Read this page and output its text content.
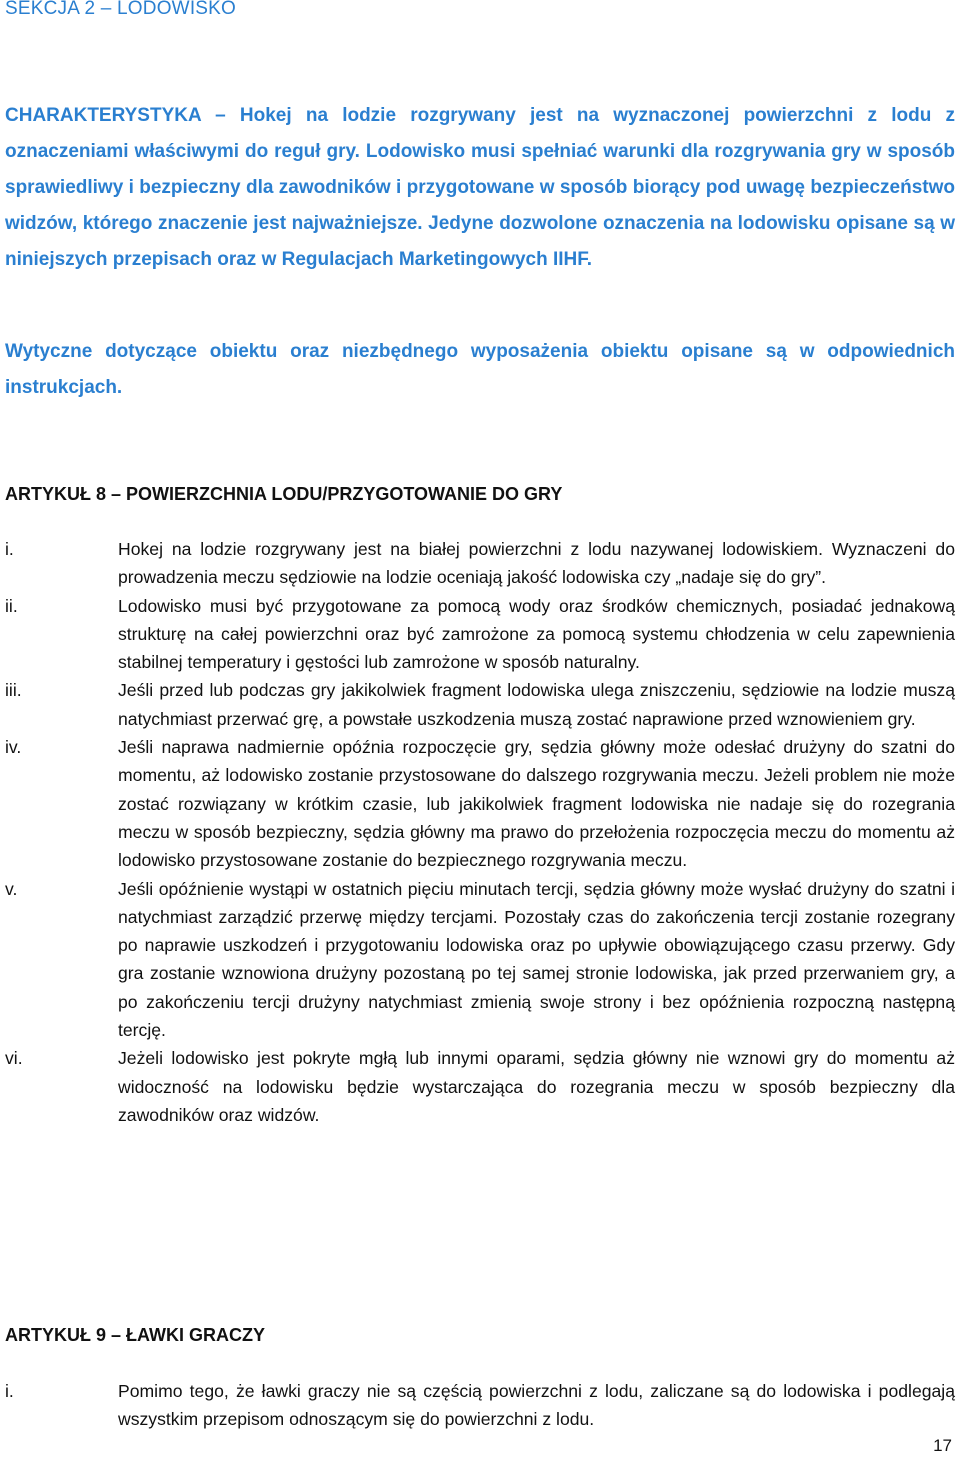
SEKCJA 2 – LODOWISKO
CHARAKTERYSTYKA – Hokej na lodzie rozgrywany jest na wyznaczonej powierzchni z lodu z oznaczeniami właściwymi do reguł gry. Lodowisko musi spełniać warunki dla rozgrywania gry w sposób sprawiedliwy i bezpieczny dla zawodników i przygotowane w sposób biorący pod uwagę bezpieczeństwo widzów, którego znaczenie jest najważniejsze. Jedyne dozwolone oznaczenia na lodowisku opisane są w niniejszych przepisach oraz w Regulacjach Marketingowych IIHF.
Wytyczne dotyczące obiektu oraz niezbędnego wyposażenia obiektu opisane są w odpowiednich instrukcjach.
ARTYKUŁ 8 – POWIERZCHNIA LODU/PRZYGOTOWANIE DO GRY
i.	Hokej na lodzie rozgrywany jest na białej powierzchni z lodu nazywanej lodowiskiem. Wyznaczeni do prowadzenia meczu sędziowie na lodzie oceniają jakość lodowiska czy „nadaje się do gry”.
ii.	Lodowisko musi być przygotowane za pomocą wody oraz środków chemicznych, posiadać jednakową strukturę na całej powierzchni oraz być zamrożone za pomocą systemu chłodzenia w celu zapewnienia stabilnej temperatury i gęstości lub zamrożone w sposób naturalny.
iii.	Jeśli przed lub podczas gry jakikolwiek fragment lodowiska ulega zniszczeniu, sędziowie na lodzie muszą natychmiast przerwać grę, a powstałe uszkodzenia muszą zostać naprawione przed wznowieniem gry.
iv.	Jeśli naprawa nadmiernie opóźnia rozpoczęcie gry, sędzia główny może odesłać drużyny do szatni do momentu, aż lodowisko zostanie przystosowane do dalszego rozgrywania meczu. Jeżeli problem nie może zostać rozwiązany w krótkim czasie, lub jakikolwiek fragment lodowiska nie nadaje się do rozegrania meczu w sposób bezpieczny, sędzia główny ma prawo do przełożenia rozpoczęcia meczu do momentu aż lodowisko przystosowane zostanie do bezpiecznego rozgrywania meczu.
v.	Jeśli opóźnienie wystąpi w ostatnich pięciu minutach tercji, sędzia główny może wysłać drużyny do szatni i natychmiast zarządzić przerwę między tercjami. Pozostały czas do zakończenia tercji zostanie rozegrany po naprawie uszkodzeń i przygotowaniu lodowiska oraz po upływie obowiązującego czasu przerwy. Gdy gra zostanie wznowiona drużyny pozostaną po tej samej stronie lodowiska, jak przed przerwaniem gry, a po zakończeniu tercji drużyny natychmiast zmienią swoje strony i bez opóźnienia rozpoczną następną tercję.
vi.	Jeżeli lodowisko jest pokryte mgłą lub innymi oparami, sędzia główny nie wznowi gry do momentu aż widoczność na lodowisku będzie wystarczająca do rozegrania meczu w sposób bezpieczny dla zawodników oraz widzów.
ARTYKUŁ 9 – ŁAWKI GRACZY
i.	Pomimo tego, że ławki graczy nie są częścią powierzchni z lodu, zaliczane są do lodowiska i podlegają wszystkim przepisom odnoszącym się do powierzchni z lodu.
17
